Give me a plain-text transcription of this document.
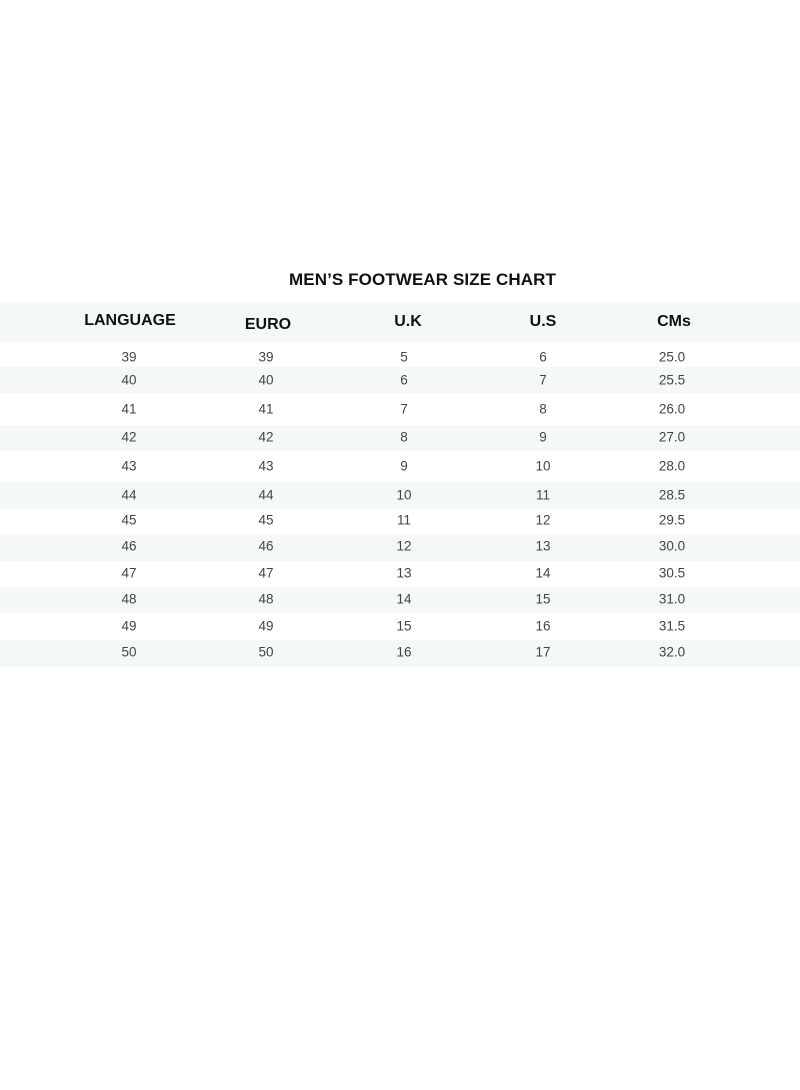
MEN’S FOOTWEAR SIZE CHART
LANGUAGE	EURO	U.K	U.S	CMs
39	39	5	6	25.0
40	40	6	7	25.5
41	41	7	8	26.0
42	42	8	9	27.0
43	43	9	10	28.0
44	44	10	11	28.5
45	45	11	12	29.5
46	46	12	13	30.0
47	47	13	14	30.5
48	48	14	15	31.0
49	49	15	16	31.5
50	50	16	17	32.0
